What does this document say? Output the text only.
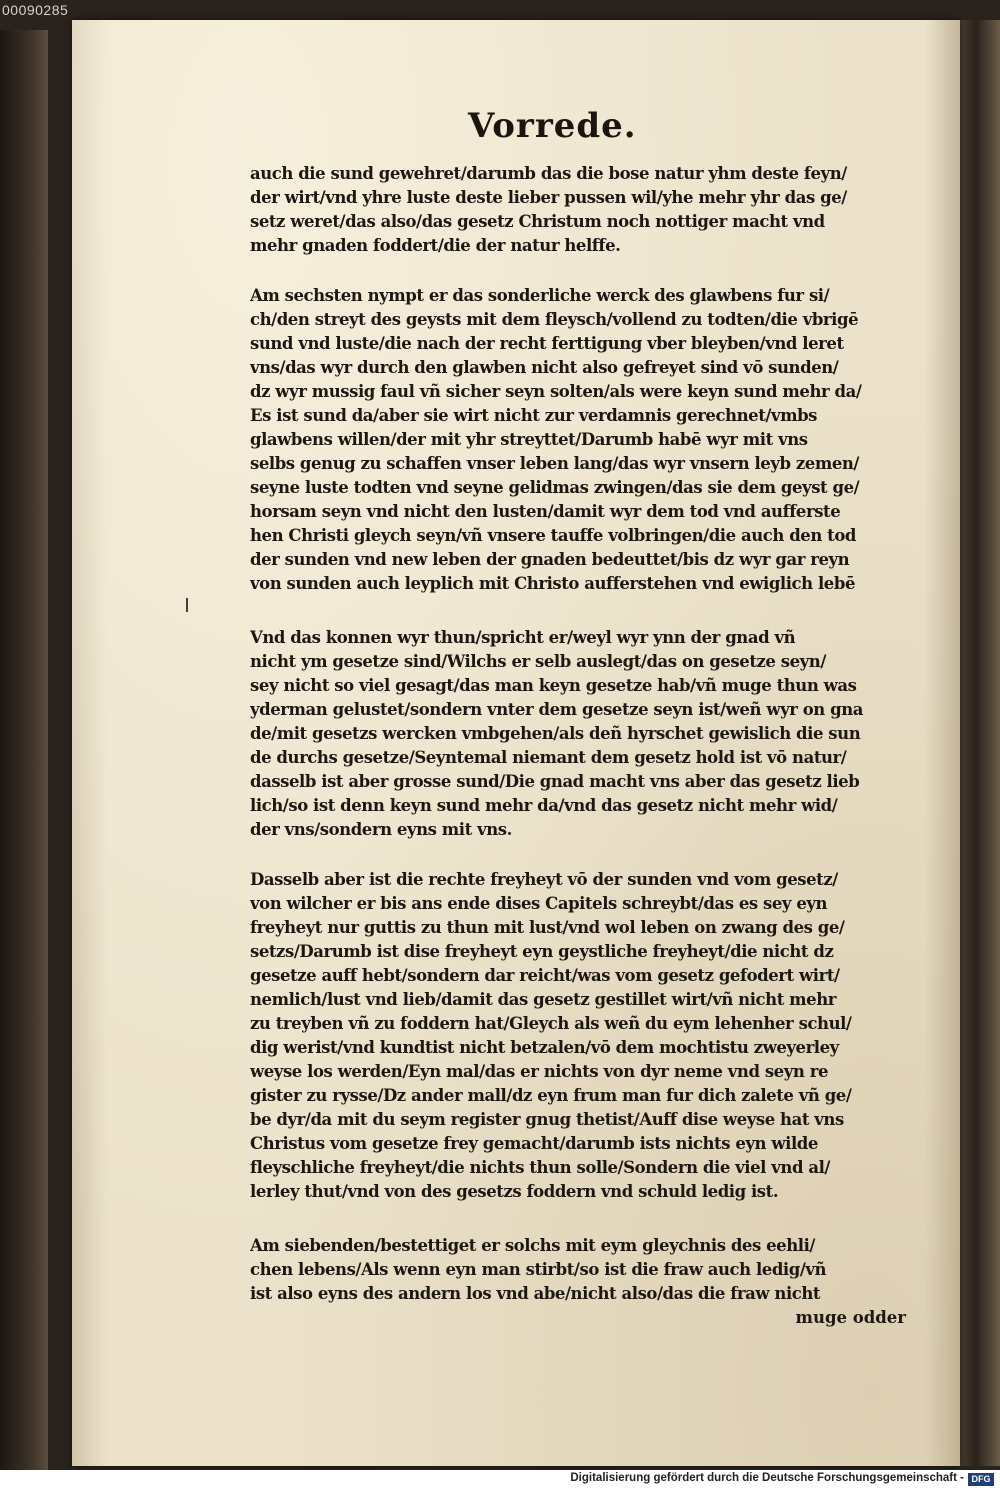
00090285
Vorrede.
auch die sund gewehret/darumb das die bose natur yhm deste feyn/
der wirt/vnd yhre luste deste lieber pussen wil/yhe mehr yhr das ge/
setz weret/das also/das gesetz Christum noch nottiger macht vnd
mehr gnaden foddert/die der natur helffe.
Am sechsten nympt er das sonderliche werck des glawbens fur si/
ch/den streyt des geysts mit dem fleysch/vollend zu todten/die vbrigē
sund vnd luste/die nach der recht ferttigung vber bleyben/vnd leret
vns/das wyr durch den glawben nicht also gefreyet sind vō sunden/
dz wyr mussig faul vñ sicher seyn solten/als were keyn sund mehr da/
Es ist sund da/aber sie wirt nicht zur verdamnis gerechnet/vmbs
glawbens willen/der mit yhr streyttet/Darumb habē wyr mit vns
selbs genug zu schaffen vnser leben lang/das wyr vnsern leyb zemen/
seyne luste todten vnd seyne gelidmas zwingen/das sie dem geyst ge/
horsam seyn vnd nicht den lusten/damit wyr dem tod vnd aufferste
hen Christi gleych seyn/vñ vnsere tauffe volbringen/die auch den tod
der sunden vnd new leben der gnaden bedeuttet/bis dz wyr gar reyn
von sunden auch leyplich mit Christo aufferstehen vnd ewiglich lebē
Vnd das konnen wyr thun/spricht er/weyl wyr ynn der gnad vñ
nicht ym gesetze sind/Wilchs er selb auslegt/das on gesetze seyn/
sey nicht so viel gesagt/das man keyn gesetze hab/vñ muge thun was
yderman gelustet/sondern vnter dem gesetze seyn ist/weñ wyr on gna
de/mit gesetzs wercken vmbgehen/als deñ hyrschet gewislich die sun
de durchs gesetze/Seyntemal niemant dem gesetz hold ist vō natur/
dasselb ist aber grosse sund/Die gnad macht vns aber das gesetz lieb
lich/so ist denn keyn sund mehr da/vnd das gesetz nicht mehr wid/
der vns/sondern eyns mit vns.
Dasselb aber ist die rechte freyheyt vō der sunden vnd vom gesetz/
von wilcher er bis ans ende dises Capitels schreybt/das es sey eyn
freyheyt nur guttis zu thun mit lust/vnd wol leben on zwang des ge/
setzs/Darumb ist dise freyheyt eyn geystliche freyheyt/die nicht dz
gesetze auff hebt/sondern dar reicht/was vom gesetz gefodert wirt/
nemlich/lust vnd lieb/damit das gesetz gestillet wirt/vñ nicht mehr
zu treyben vñ zu foddern hat/Gleych als weñ du eym lehenher schul/
dig werist/vnd kundtist nicht betzalen/vō dem mochtistu zweyerley
weyse los werden/Eyn mal/das er nichts von dyr neme vnd seyn re
gister zu rysse/Dz ander mall/dz eyn frum man fur dich zalete vñ ge/
be dyr/da mit du seym register gnug thetist/Auff dise weyse hat vns
Christus vom gesetze frey gemacht/darumb ists nichts eyn wilde
fleyschliche freyheyt/die nichts thun solle/Sondern die viel vnd al/
lerley thut/vnd von des gesetzs foddern vnd schuld ledig ist.
Am siebenden/bestettiget er solchs mit eym gleychnis des eehli/
chen lebens/Als wenn eyn man stirbt/so ist die fraw auch ledig/vñ
ist also eyns des andern los vnd abe/nicht also/das die fraw nicht
muge odder
Digitalisierung gefördert durch die Deutsche Forschungsgemeinschaft - DFG
